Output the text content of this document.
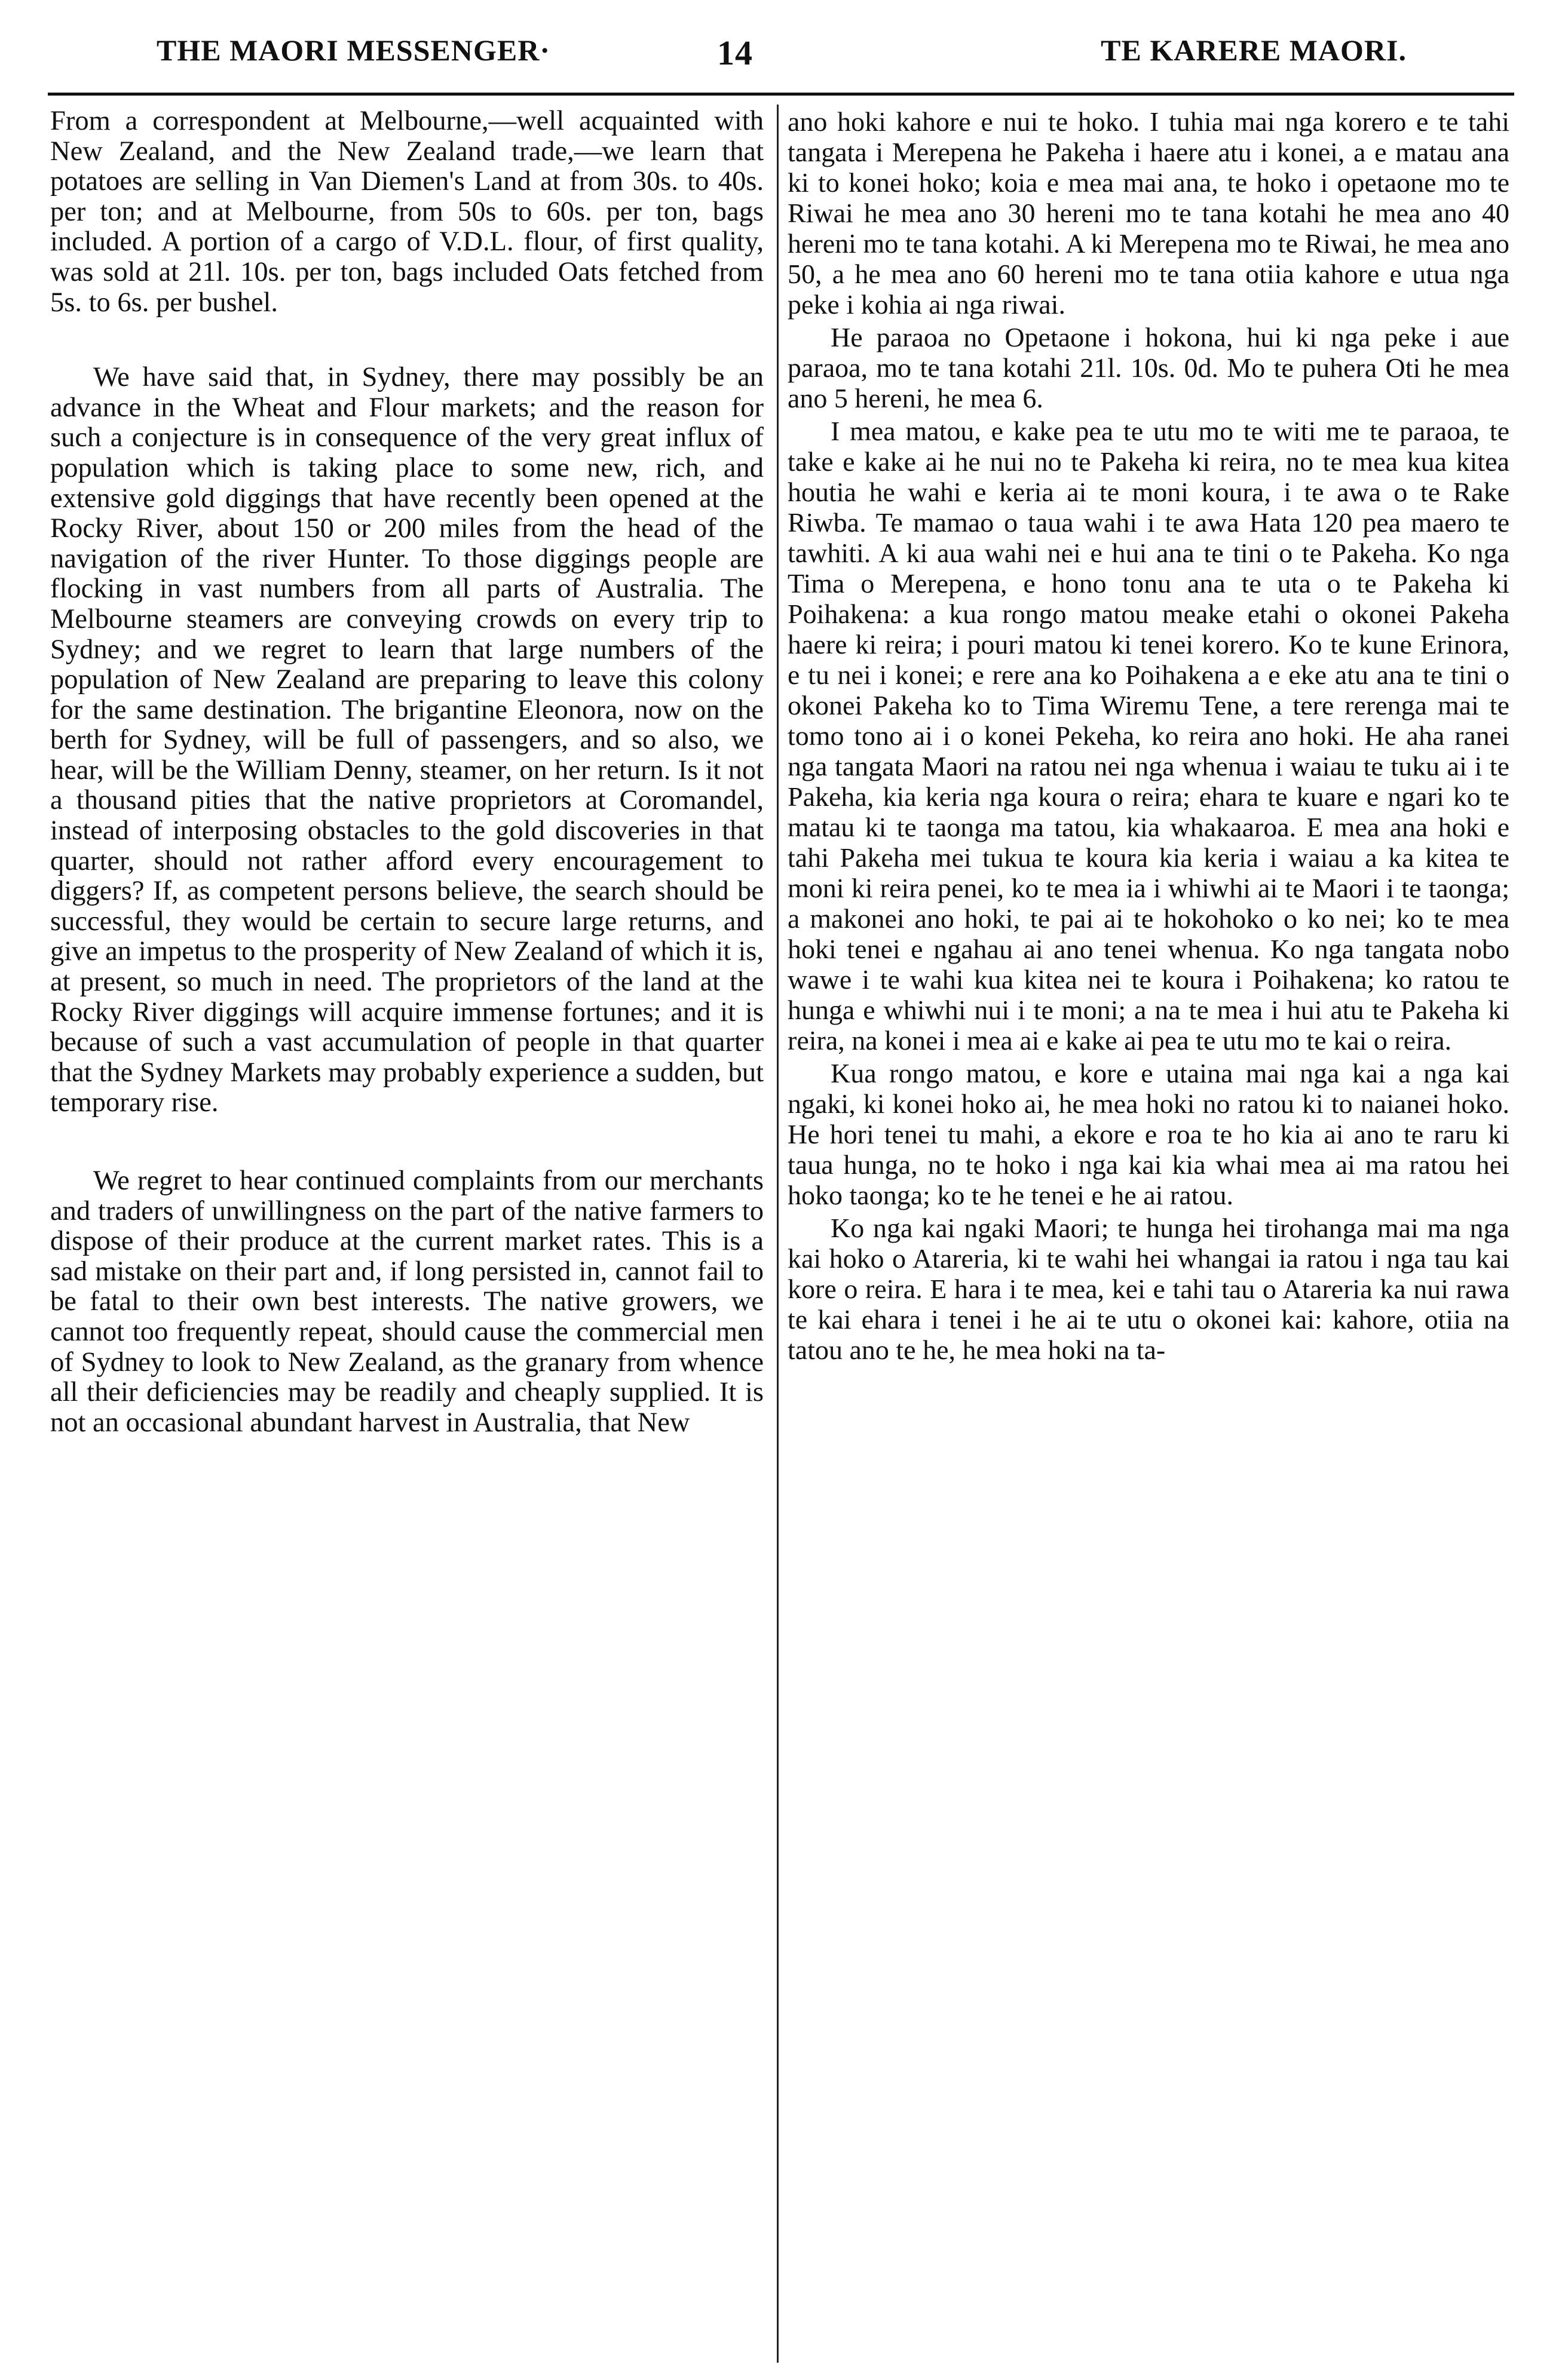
THE MAORI MESSENGER·	14	TE KARERE MAORI.

From a correspondent at Melbourne,—well acquainted with New Zealand, and the New Zealand trade,—we learn that potatoes are selling in Van Diemen's Land at from 30s. to 40s. per ton; and at Melbourne, from 50s to 60s. per ton, bags included. A portion of a cargo of V.D.L. flour, of first quality, was sold at 21l. 10s. per ton, bags included Oats fetched from 5s. to 6s. per bushel.

We have said that, in Sydney, there may possibly be an advance in the Wheat and Flour markets; and the reason for such a conjecture is in consequence of the very great influx of population which is taking place to some new, rich, and extensive gold diggings that have recently been opened at the Rocky River, about 150 or 200 miles from the head of the navigation of the river Hunter. To those diggings people are flocking in vast numbers from all parts of Australia. The Melbourne steamers are conveying crowds on every trip to Sydney; and we regret to learn that large numbers of the population of New Zealand are preparing to leave this colony for the same destination. The brigantine Eleonora, now on the berth for Sydney, will be full of passengers, and so also, we hear, will be the William Denny, steamer, on her return. Is it not a thousand pities that the native proprietors at Coromandel, instead of interposing obstacles to the gold discoveries in that quarter, should not rather afford every encouragement to diggers? If, as competent persons believe, the search should be successful, they would be certain to secure large returns, and give an impetus to the prosperity of New Zealand of which it is, at present, so much in need. The proprietors of the land at the Rocky River diggings will acquire immense fortunes; and it is because of such a vast accumulation of people in that quarter that the Sydney Markets may probably experience a sudden, but temporary rise.

We regret to hear continued complaints from our merchants and traders of unwillingness on the part of the native farmers to dispose of their produce at the current market rates. This is a sad mistake on their part and, if long persisted in, cannot fail to be fatal to their own best interests. The native growers, we cannot too frequently repeat, should cause the commercial men of Sydney to look to New Zealand, as the granary from whence all their deficiencies may be readily and cheaply supplied. It is not an occasional abundant harvest in Australia, that New

ano hoki kahore e nui te hoko. I tuhia mai nga korero e te tahi tangata i Merepena he Pakeha i haere atu i konei, a e matau ana ki to konei hoko; koia e mea mai ana, te hoko i opetaone mo te Riwai he mea ano 30 hereni mo te tana kotahi he mea ano 40 hereni mo te tana kotahi. A ki Merepena mo te Riwai, he mea ano 50, a he mea ano 60 hereni mo te tana otiia kahore e utua nga peke i kohia ai nga riwai.

He paraoa no Opetaone i hokona, hui ki nga peke i aue paraoa, mo te tana kotahi 21l. 10s. 0d. Mo te puhera Oti he mea ano 5 hereni, he mea 6.

I mea matou, e kake pea te utu mo te witi me te paraoa, te take e kake ai he nui no te Pakeha ki reira, no te mea kua kitea houtia he wahi e keria ai te moni koura, i te awa o te Rake Riwba. Te mamao o taua wahi i te awa Hata 120 pea maero te tawhiti. A ki aua wahi nei e hui ana te tini o te Pakeha. Ko nga Tima o Merepena, e hono tonu ana te uta o te Pakeha ki Poihakena: a kua rongo matou meake etahi o okonei Pakeha haere ki reira; i pouri matou ki tenei korero. Ko te kune Erinora, e tu nei i konei; e rere ana ko Poihakena a e eke atu ana te tini o okonei Pakeha ko to Tima Wiremu Tene, a tere rerenga mai te tomo tono ai i o konei Pekeha, ko reira ano hoki. He aha ranei nga tangata Maori na ratou nei nga whenua i waiau te tuku ai i te Pakeha, kia keria nga koura o reira; ehara te kuare e ngari ko te matau ki te taonga ma tatou, kia whakaaroa. E mea ana hoki e tahi Pakeha mei tukua te koura kia keria i waiau a ka kitea te moni ki reira penei, ko te mea ia i whiwhi ai te Maori i te taonga; a makonei ano hoki, te pai ai te hokohoko o ko nei; ko te mea hoki tenei e ngahau ai ano tenei whenua. Ko nga tangata nobo wawe i te wahi kua kitea nei te koura i Poihakena; ko ratou te hunga e whiwhi nui i te moni; a na te mea i hui atu te Pakeha ki reira, na konei i mea ai e kake ai pea te utu mo te kai o reira.

Kua rongo matou, e kore e utaina mai nga kai a nga kai ngaki, ki konei hoko ai, he mea hoki no ratou ki to naianei hoko. He hori tenei tu mahi, a ekore e roa te ho kia ai ano te raru ki taua hunga, no te hoko i nga kai kia whai mea ai ma ratou hei hoko taonga; ko te he tenei e he ai ratou.

Ko nga kai ngaki Maori; te hunga hei tirohanga mai ma nga kai hoko o Atareria, ki te wahi hei whangai ia ratou i nga tau kai kore o reira. E hara i te mea, kei e tahi tau o Atareria ka nui rawa te kai ehara i tenei i he ai te utu o okonei kai: kahore, otiia na tatou ano te he, he mea hoki na ta-
